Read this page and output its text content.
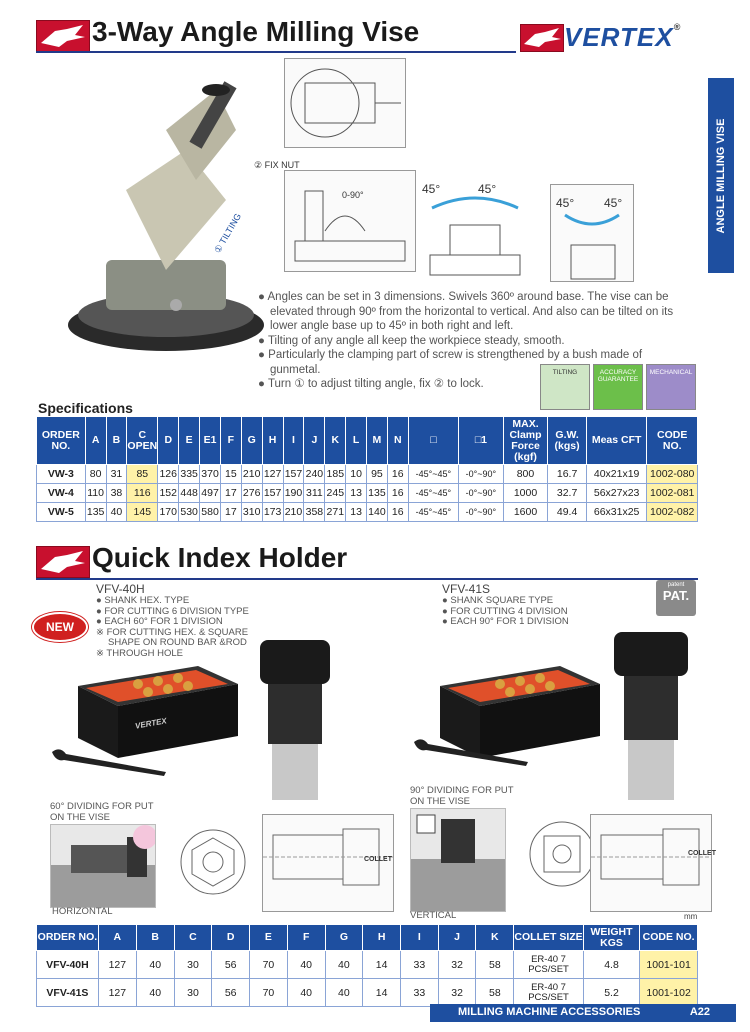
3-Way Angle Milling Vise	VERTEX®
ANGLE MILLING VISE
② FIX NUT
① TILTING
0-90°	45°	45°
45° 45°
● Angles can be set in 3 dimensions. Swivels 360º around base. The vise can be elevated through 90º from the horizontal to vertical. And also can be tilted on its lower angle base up to 45º in both right and left.
● Tilting of any angle all keep the workpiece steady, smooth.
● Particularly the clamping part of screw is strengthened by a bush made of gunmetal.
● Turn ① to adjust tilting angle, fix ② to lock.
TILTING	ACCURACY GUARANTEE
MECHANICAL
Specifications
ORDER NO.	A	B	C OPEN	D	E	E1	F	G	H	I	J	K	L	M	N	□	□1	MAX. Clamp Force (kgf)	G.W. (kgs)	Meas CFT	CODE NO.
VW-3	80	31	85	126	335	370	15	210	127	157	240	185	10	95	16	-45°~45°	-0°~90°	800	16.7	40x21x19	1002-080
VW-4	110	38	116	152	448	497	17	276	157	190	311	245	13	135	16	-45°~45°	-0°~90°	1000	32.7	56x27x23	1002-081
VW-5	135	40	145	170	530	580	17	310	173	210	358	271	13	140	16	-45°~45°	-0°~90°	1600	49.4	66x31x25	1002-082
Quick Index Holder
NEW
VFV-40H
● SHANK HEX. TYPE
● FOR CUTTING 6 DIVISION TYPE
● EACH 60° FOR 1 DIVISION
※ FOR CUTTING HEX. & SQUARE
SHAPE ON ROUND BAR &ROD
※ THROUGH HOLE
VFV-41S
● SHANK SQUARE TYPE
● FOR CUTTING 4 DIVISION
● EACH 90° FOR 1 DIVISION
patent
PAT.
VERTEX
60° DIVIDING FOR PUT
ON THE VISE
HORIZONTAL
COLLET
90° DIVIDING FOR PUT
ON THE VISE
VERTICAL
COLLET
mm
ORDER NO.	A	B	C	D	E	F	G	H	I	J	K	COLLET SIZE	WEIGHT KGS	CODE NO.
VFV-40H	127	40	30	56	70	40	40	14	33	32	58	ER-40 7 PCS/SET	4.8	1001-101
VFV-41S	127	40	30	56	70	40	40	14	33	32	58	ER-40 7 PCS/SET	5.2	1001-102
MILLING MACHINE ACCESSORIES	A22
